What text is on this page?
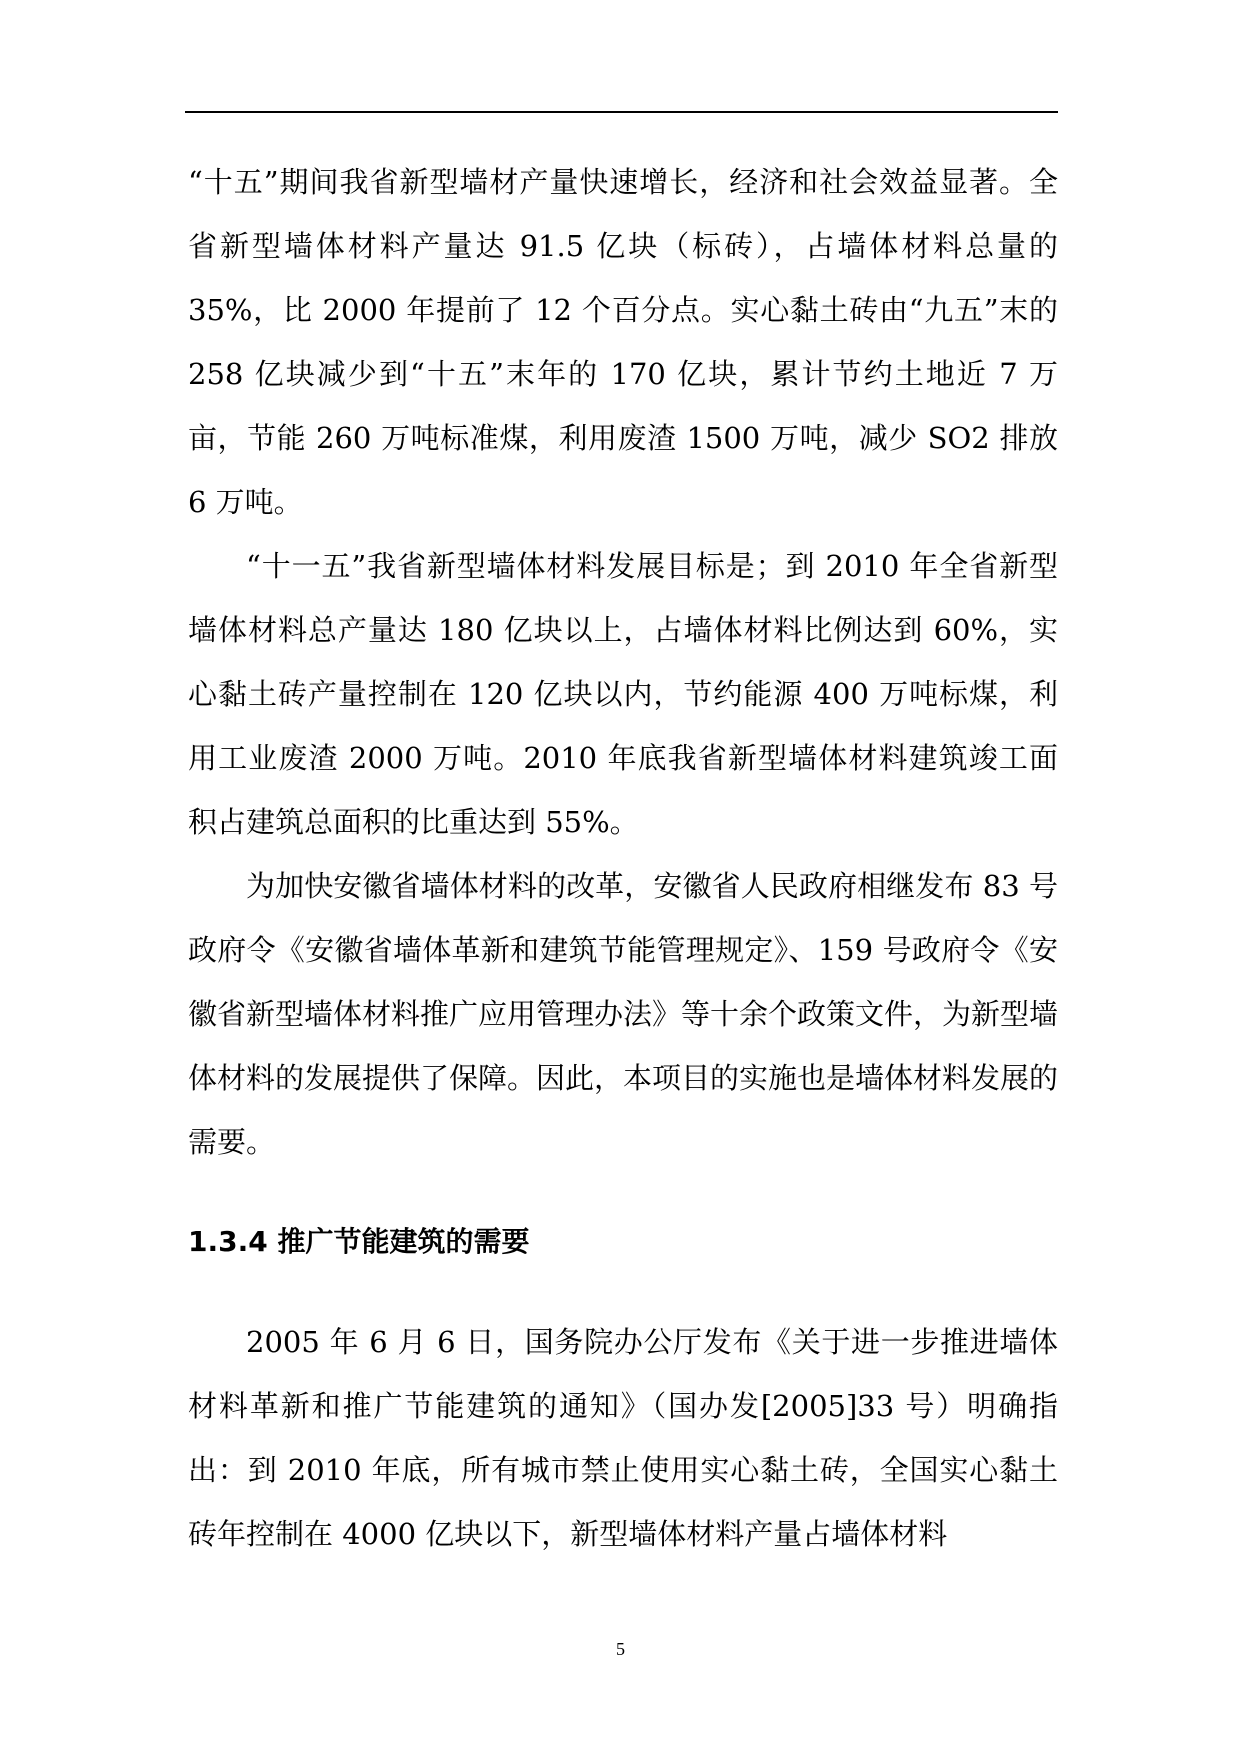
“十五”期间我省新型墙材产量快速增长，经济和社会效益显著。全省新型墙体材料产量达 91.5 亿块（标砖），占墙体材料总量的 35%，比 2000 年提前了 12 个百分点。实心黏土砖由“九五”末的 258 亿块减少到“十五”末年的 170 亿块，累计节约土地近 7 万亩，节能 260 万吨标准煤，利用废渣 1500 万吨，减少 SO2 排放 6 万吨。

“十一五”我省新型墙体材料发展目标是；到 2010 年全省新型墙体材料总产量达 180 亿块以上，占墙体材料比例达到 60%，实心黏土砖产量控制在 120 亿块以内，节约能源 400 万吨标煤，利用工业废渣 2000 万吨。2010 年底我省新型墙体材料建筑竣工面积占建筑总面积的比重达到 55%。

为加快安徽省墙体材料的改革，安徽省人民政府相继发布 83 号政府令《安徽省墙体革新和建筑节能管理规定》、159 号政府令《安徽省新型墙体材料推广应用管理办法》等十余个政策文件，为新型墙体材料的发展提供了保障。因此，本项目的实施也是墙体材料发展的需要。

1.3.4 推广节能建筑的需要

2005 年 6 月 6 日，国务院办公厅发布《关于进一步推进墙体材料革新和推广节能建筑的通知》（国办发[2005]33 号）明确指出：到 2010 年底，所有城市禁止使用实心黏土砖，全国实心黏土砖年控制在 4000 亿块以下，新型墙体材料产量占墙体材料

5
